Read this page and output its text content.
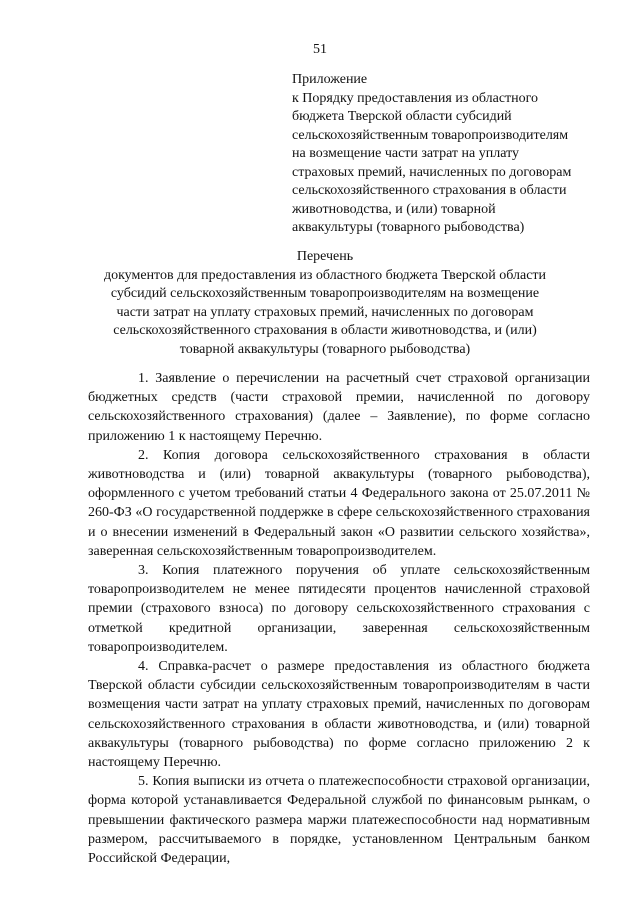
51
Приложение
к Порядку предоставления из областного
бюджета Тверской области субсидий
сельскохозяйственным товаропроизводителям
на возмещение части затрат на уплату
страховых премий, начисленных по договорам
сельскохозяйственного страхования в области
животноводства, и (или) товарной
аквакультуры (товарного рыбоводства)
Перечень
документов для предоставления из областного бюджета Тверской области
субсидий сельскохозяйственным товаропроизводителям на возмещение
части затрат на уплату страховых премий, начисленных по договорам
сельскохозяйственного страхования в области животноводства, и (или)
товарной аквакультуры (товарного рыбоводства)

1. Заявление о перечислении на расчетный счет страховой организации бюджетных средств (части страховой премии, начисленной по договору сельскохозяйственного страхования) (далее – Заявление), по форме согласно приложению 1 к настоящему Перечню.

2. Копия договора сельскохозяйственного страхования в области животноводства и (или) товарной аквакультуры (товарного рыбоводства), оформленного с учетом требований статьи 4 Федерального закона от 25.07.2011 № 260-ФЗ «О государственной поддержке в сфере сельскохозяйственного страхования и о внесении изменений в Федеральный закон «О развитии сельского хозяйства», заверенная сельскохозяйственным товаропроизводителем.

3. Копия платежного поручения об уплате сельскохозяйственным товаропроизводителем не менее пятидесяти процентов начисленной страховой премии (страхового взноса) по договору сельскохозяйственного страхования с отметкой кредитной организации, заверенная сельскохозяйственным товаропроизводителем.

4. Справка-расчет о размере предоставления из областного бюджета Тверской области субсидии сельскохозяйственным товаропроизводителям в части возмещения части затрат на уплату страховых премий, начисленных по договорам сельскохозяйственного страхования в области животноводства, и (или) товарной аквакультуры (товарного рыбоводства) по форме согласно приложению 2 к настоящему Перечню.

5. Копия выписки из отчета о платежеспособности страховой организации, форма которой устанавливается Федеральной службой по финансовым рынкам, о превышении фактического размера маржи платежеспособности над нормативным размером, рассчитываемого в порядке, установленном Центральным банком Российской Федерации,
